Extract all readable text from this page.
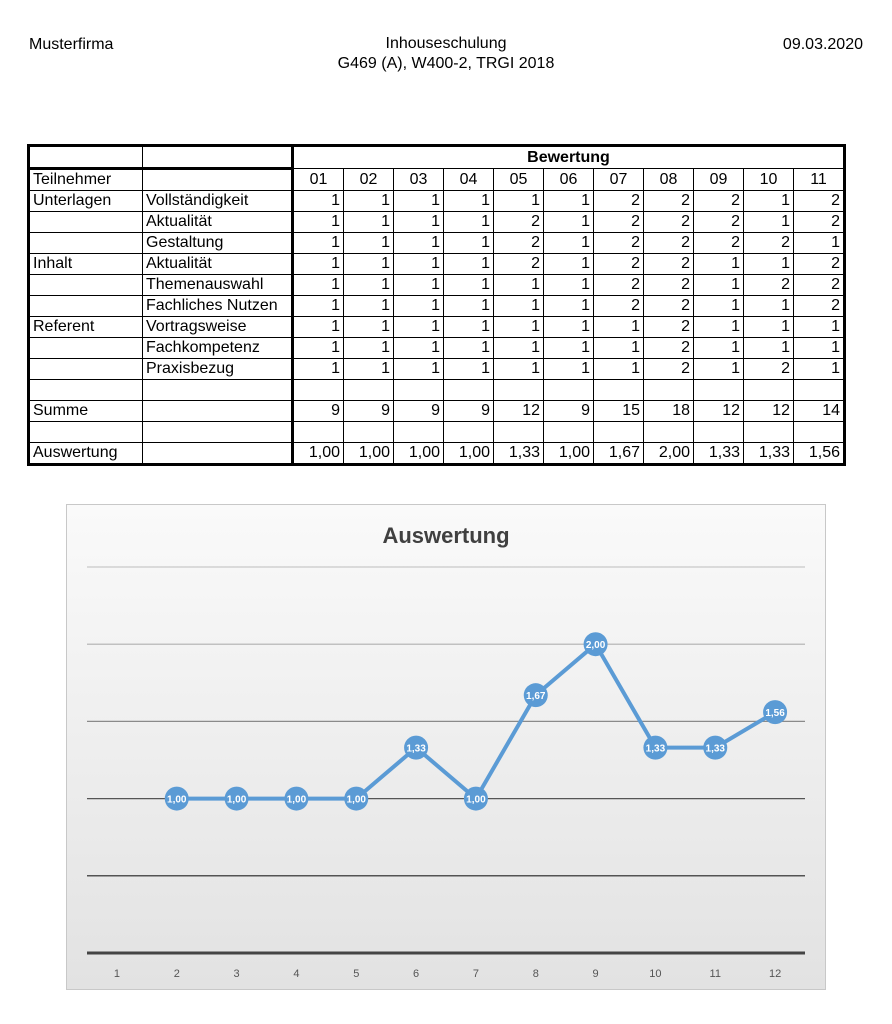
Musterfirma	Inhouseschulung
G469 (A), W400-2, TRGI 2018
09.03.2020
		Bewertung										
Teilnehmer		01	02	03	04	05	06	07	08	09	10	11
Unterlagen	Vollständigkeit	1	1	1	1	1	1	2	2	2	1	2
	Aktualität	1	1	1	1	2	1	2	2	2	1	2
	Gestaltung	1	1	1	1	2	1	2	2	2	2	1
Inhalt	Aktualität	1	1	1	1	2	1	2	2	1	1	2
	Themenauswahl	1	1	1	1	1	1	2	2	1	2	2
	Fachliches Nutzen	1	1	1	1	1	1	2	2	1	1	2
Referent	Vortragsweise	1	1	1	1	1	1	1	2	1	1	1
	Fachkompetenz	1	1	1	1	1	1	1	2	1	1	1
	Praxisbezug	1	1	1	1	1	1	1	2	1	2	1

Summe		9	9	9	9	12	9	15	18	12	12	14

Auswertung		1,00	1,00	1,00	1,00	1,33	1,00	1,67	2,00	1,33	1,33	1,56
Auswertung
1	2	3	4	5	6	7	8	9	10	11	12
1,00	1,00	1,00	1,00
1,33
1,00
1,67
2,00
1,33	1,33
1,56
